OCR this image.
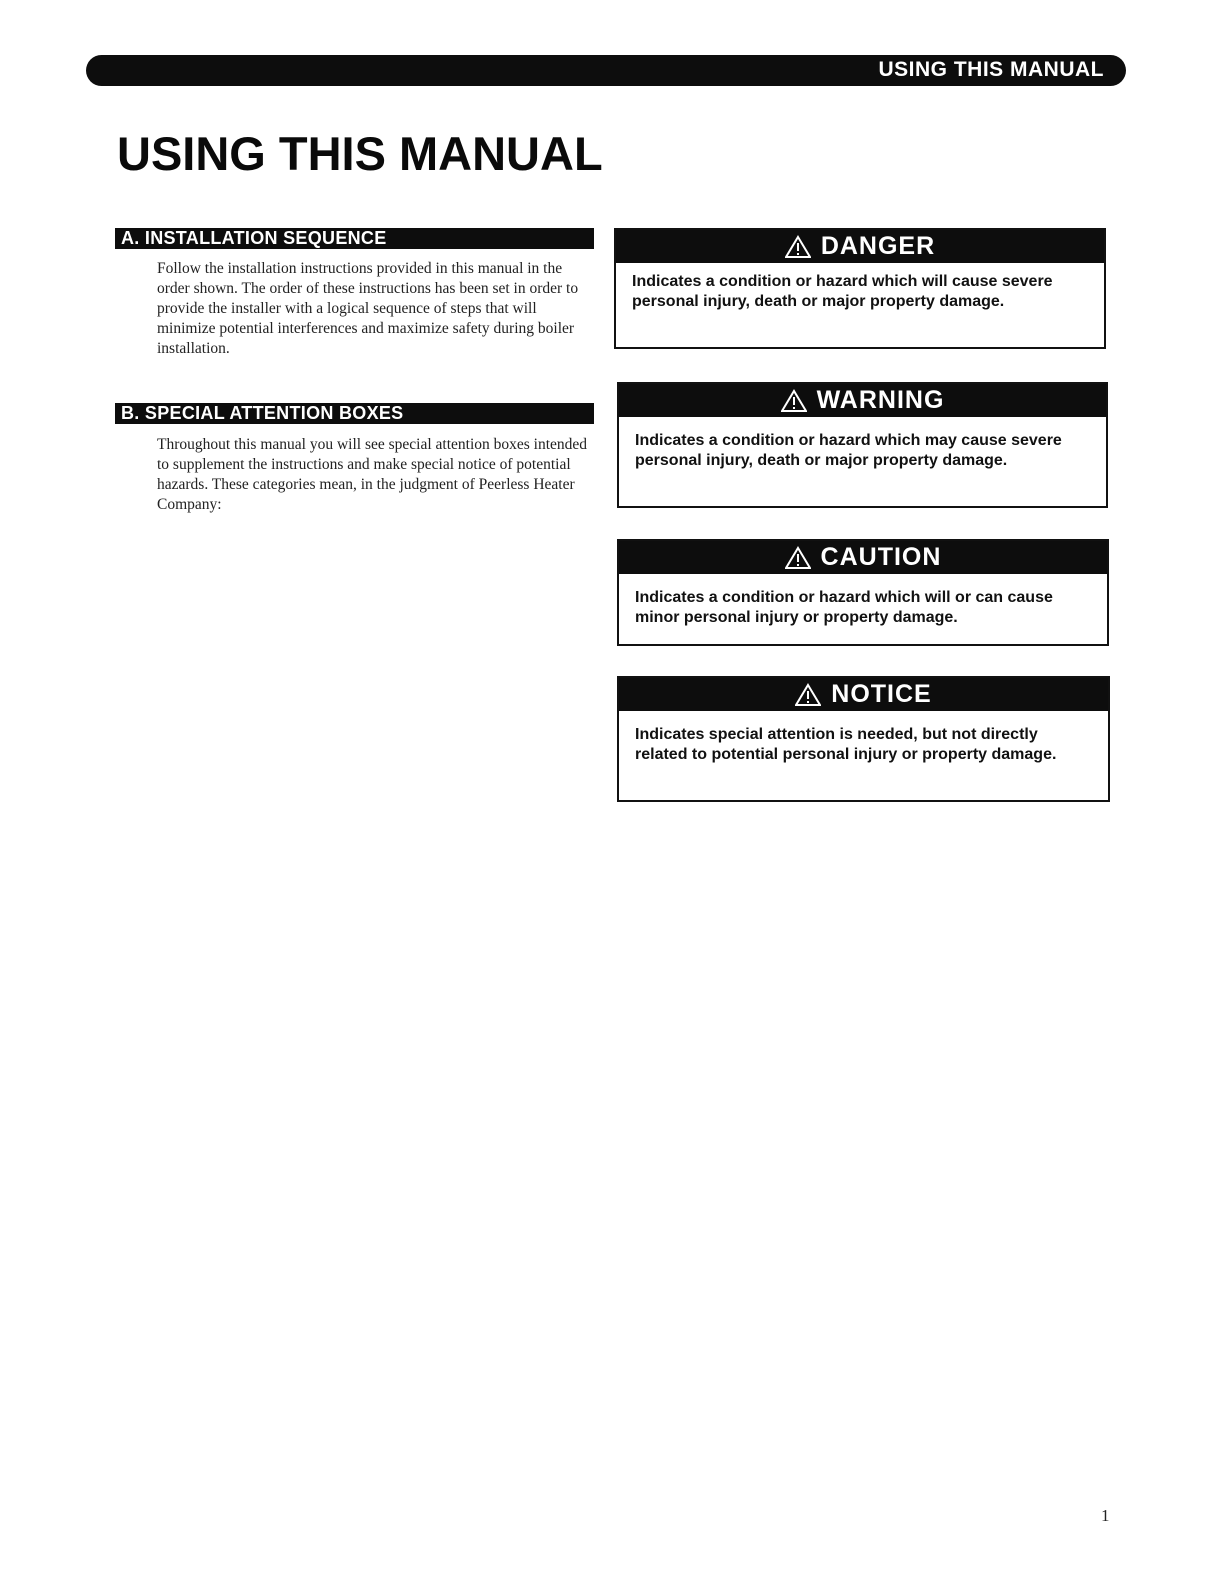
USING THIS MANUAL
USING THIS MANUAL
A. INSTALLATION SEQUENCE

Follow the installation instructions provided in this manual in the order shown. The order of these instructions has been set in order to provide the installer with a logical sequence of steps that will minimize potential interferences and maximize safety during boiler installation.

B. SPECIAL ATTENTION BOXES

Throughout this manual you will see special attention boxes intended to supplement the instructions and make special notice of potential hazards. These categories mean, in the judgment of Peerless Heater Company:

DANGER

Indicates a condition or hazard which will cause severe personal injury, death or major property damage.

WARNING

Indicates a condition or hazard which may cause severe personal injury, death or major property damage.

CAUTION

Indicates a condition or hazard which will or can cause minor personal injury or property damage.

NOTICE

Indicates special attention is needed, but not directly related to potential personal injury or property damage.

1
